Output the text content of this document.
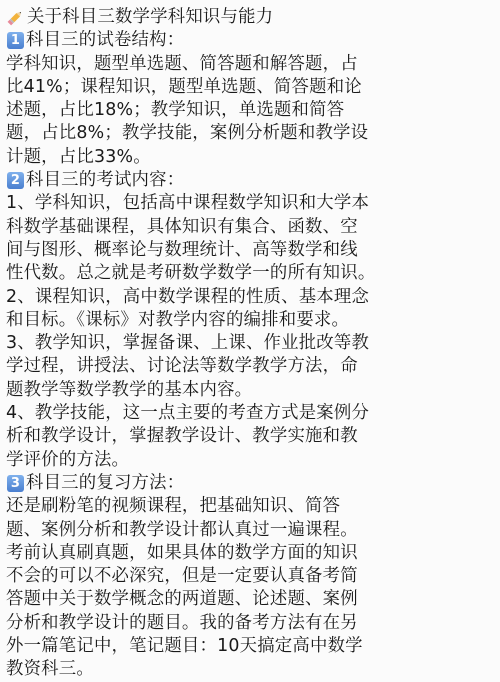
关于科目三数学学科知识与能力
1 科目三的试卷结构：
学科知识，题型单选题、简答题和解答题，占
比41%；课程知识，题型单选题、简答题和论
述题，占比18%；教学知识，单选题和简答
题，占比8%；教学技能，案例分析题和教学设
计题，占比33%。
2 科目三的考试内容：
1、学科知识，包括高中课程数学知识和大学本
科数学基础课程，具体知识有集合、函数、空
间与图形、概率论与数理统计、高等数学和线
性代数。总之就是考研数学数学一的所有知识。
2、课程知识，高中数学课程的性质、基本理念
和目标。《课标》对教学内容的编排和要求。
3、教学知识，掌握备课、上课、作业批改等教
学过程，讲授法、讨论法等数学教学方法，命
题教学等数学教学的基本内容。
4、教学技能，这一点主要的考查方式是案例分
析和教学设计，掌握教学设计、教学实施和教
学评价的方法。
3 科目三的复习方法：
还是刷粉笔的视频课程，把基础知识、简答
题、案例分析和教学设计都认真过一遍课程。
考前认真刷真题，如果具体的数学方面的知识
不会的可以不必深究，但是一定要认真备考简
答题中关于数学概念的两道题、论述题、案例
分析和教学设计的题目。我的备考方法有在另
外一篇笔记中，笔记题目：10天搞定高中数学
教资科三。
